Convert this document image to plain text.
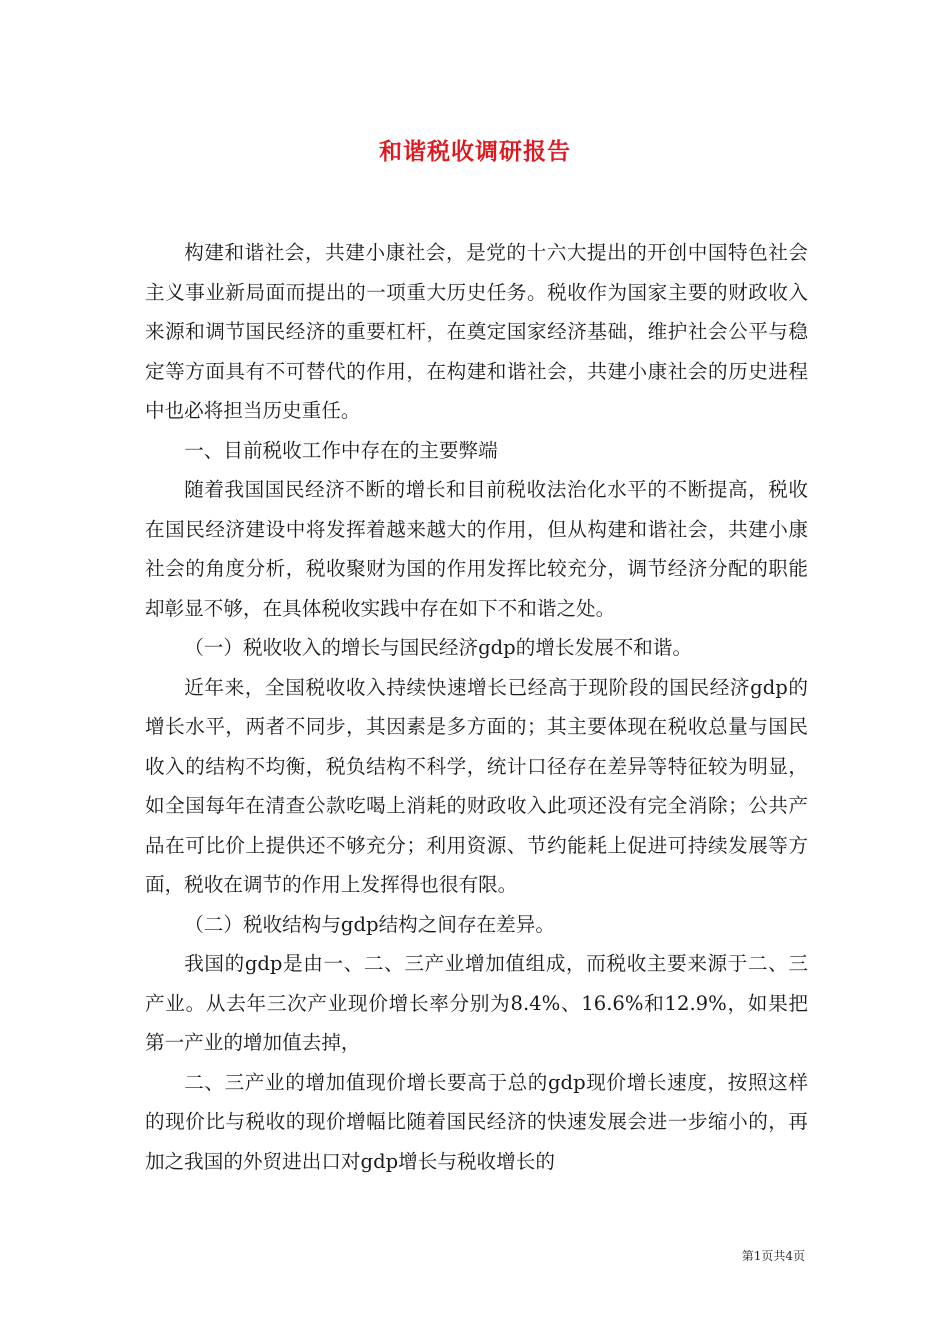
和谐税收调研报告

构建和谐社会，共建小康社会，是党的十六大提出的开创中国特色社会主义事业新局面而提出的一项重大历史任务。税收作为国家主要的财政收入来源和调节国民经济的重要杠杆，在奠定国家经济基础，维护社会公平与稳定等方面具有不可替代的作用，在构建和谐社会，共建小康社会的历史进程中也必将担当历史重任。

一、目前税收工作中存在的主要弊端

随着我国国民经济不断的增长和目前税收法治化水平的不断提高，税收在国民经济建设中将发挥着越来越大的作用，但从构建和谐社会，共建小康社会的角度分析，税收聚财为国的作用发挥比较充分，调节经济分配的职能却彰显不够，在具体税收实践中存在如下不和谐之处。

（一）税收收入的增长与国民经济gdp的增长发展不和谐。

近年来，全国税收收入持续快速增长已经高于现阶段的国民经济gdp的增长水平，两者不同步，其因素是多方面的；其主要体现在税收总量与国民收入的结构不均衡，税负结构不科学，统计口径存在差异等特征较为明显，如全国每年在清查公款吃喝上消耗的财政收入此项还没有完全消除；公共产品在可比价上提供还不够充分；利用资源、节约能耗上促进可持续发展等方面，税收在调节的作用上发挥得也很有限。

（二）税收结构与gdp结构之间存在差异。

我国的gdp是由一、二、三产业增加值组成，而税收主要来源于二、三产业。从去年三次产业现价增长率分别为8.4%、16.6%和12.9%，如果把第一产业的增加值去掉，

二、三产业的增加值现价增长要高于总的gdp现价增长速度，按照这样的现价比与税收的现价增幅比随着国民经济的快速发展会进一步缩小的，再加之我国的外贸进出口对gdp增长与税收增长的

第1页共4页
